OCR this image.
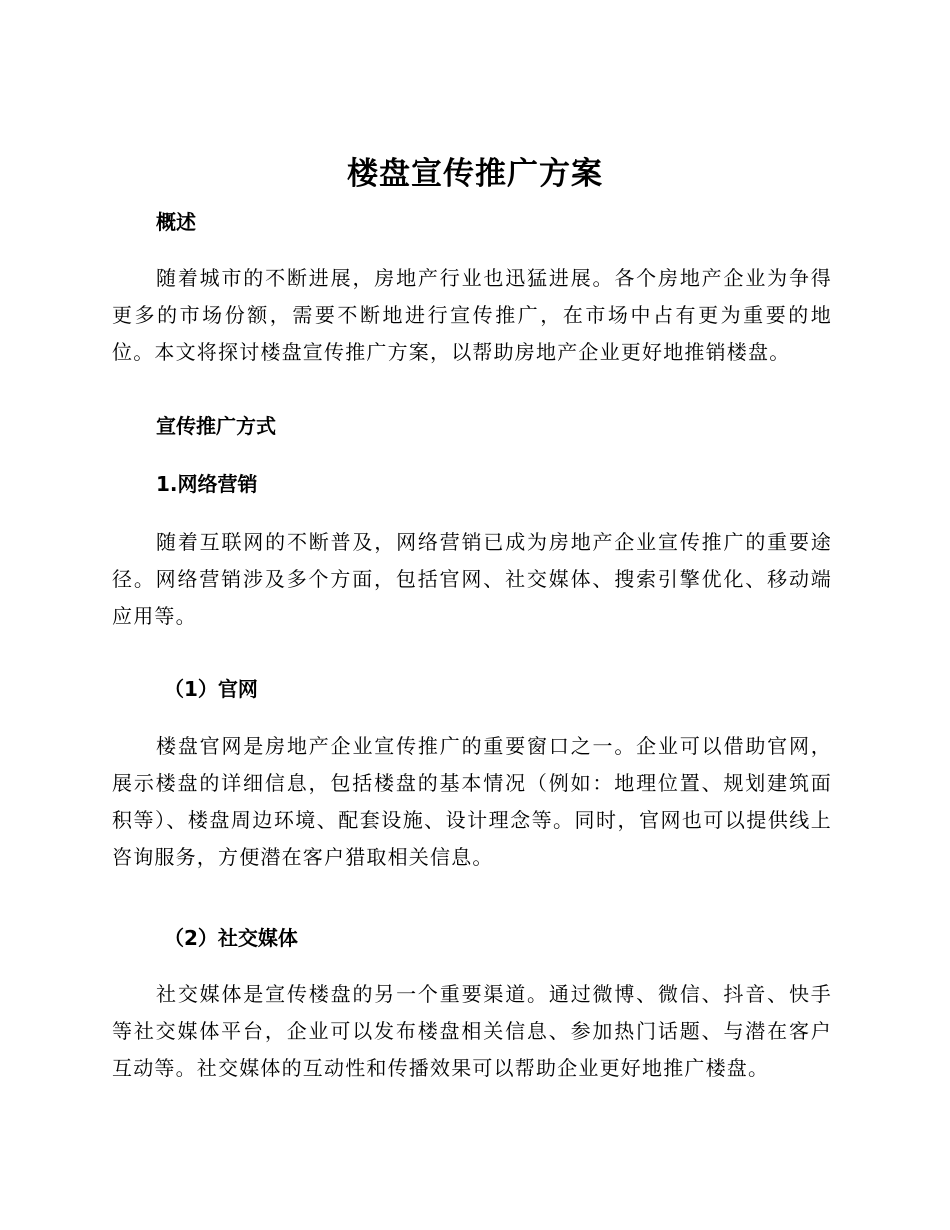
楼盘宣传推广方案
概述

随着城市的不断进展，房地产行业也迅猛进展。各个房地产企业为争得更多的市场份额，需要不断地进行宣传推广，在市场中占有更为重要的地位。本文将探讨楼盘宣传推广方案，以帮助房地产企业更好地推销楼盘。

宣传推广方式
1.网络营销

随着互联网的不断普及，网络营销已成为房地产企业宣传推广的重要途径。网络营销涉及多个方面，包括官网、社交媒体、搜索引擎优化、移动端应用等。

（1）官网

楼盘官网是房地产企业宣传推广的重要窗口之一。企业可以借助官网，展示楼盘的详细信息，包括楼盘的基本情况（例如：地理位置、规划建筑面积等）、楼盘周边环境、配套设施、设计理念等。同时，官网也可以提供线上咨询服务，方便潜在客户猎取相关信息。

（2）社交媒体

社交媒体是宣传楼盘的另一个重要渠道。通过微博、微信、抖音、快手等社交媒体平台，企业可以发布楼盘相关信息、参加热门话题、与潜在客户互动等。社交媒体的互动性和传播效果可以帮助企业更好地推广楼盘。
